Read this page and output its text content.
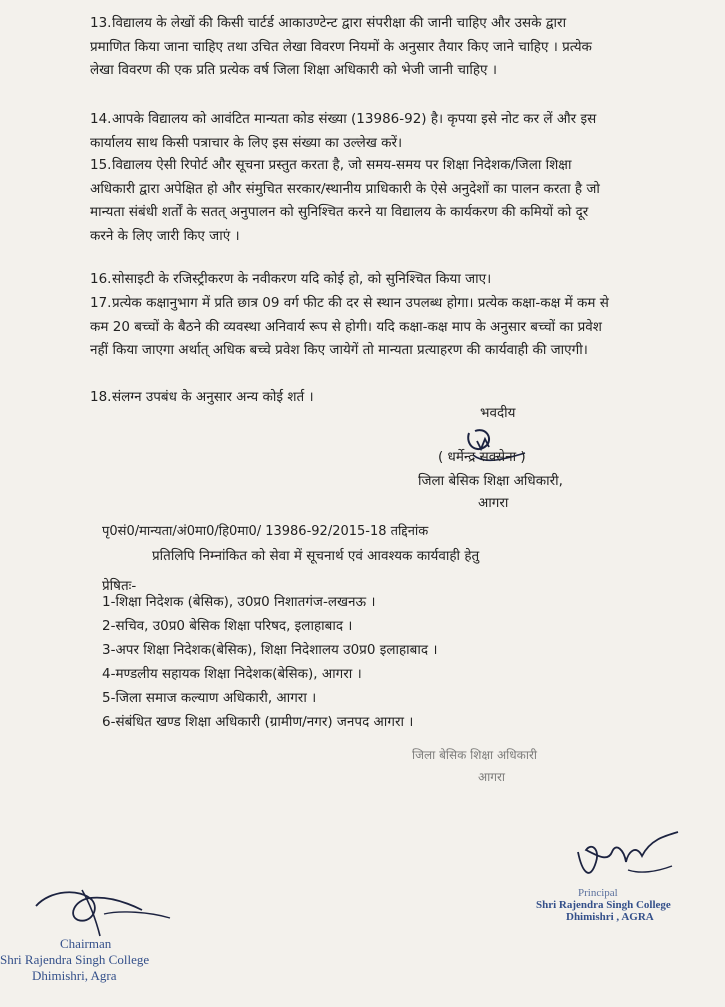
13.विद्यालय के लेखों की किसी चार्टर्ड आकाउण्टेन्ट द्वारा संपरीक्षा की जानी चाहिए और उसके द्वारा प्रमाणित किया जाना चाहिए तथा उचित लेखा विवरण नियमों के अनुसार तैयार किए जाने चाहिए । प्रत्येक लेखा विवरण की एक प्रति प्रत्येक वर्ष जिला शिक्षा अधिकारी को भेजी जानी चाहिए ।
14.आपके विद्यालय को आवंटित मान्यता कोड संख्या (13986-92) है। कृपया इसे नोट कर लें और इस कार्यालय साथ किसी पत्राचार के लिए इस संख्या का उल्लेख करें।
15.विद्यालय ऐसी रिपोर्ट और सूचना प्रस्तुत करता है, जो समय-समय पर शिक्षा निदेशक/जिला शिक्षा अधिकारी द्वारा अपेक्षित हो और संमुचित सरकार/स्थानीय प्राधिकारी के ऐसे अनुदेशों का पालन करता है जो मान्यता संबंधी शर्तों के सतत् अनुपालन को सुनिश्चित करने या विद्यालय के कार्यकरण की कमियों को दूर करने के लिए जारी किए जाएं ।
16.सोसाइटी के रजिस्ट्रीकरण के नवीकरण यदि कोई हो, को सुनिश्चित किया जाए।
17.प्रत्येक कक्षानुभाग में प्रति छात्र 09 वर्ग फीट की दर से स्थान उपलब्ध होगा। प्रत्येक कक्षा-कक्ष में कम से कम 20 बच्चों के बैठने की व्यवस्था अनिवार्य रूप से होगी। यदि कक्षा-कक्ष माप के अनुसार बच्चों का प्रवेश नहीं किया जाएगा अर्थात् अधिक बच्चे प्रवेश किए जायेगें तो मान्यता प्रत्याहरण की कार्यवाही की जाएगी।
18.संलग्न उपबंध के अनुसार अन्य कोई शर्त ।
भवदीय
( धर्मेन्द्र सक्सेना )
जिला बेसिक शिक्षा अधिकारी,
आगरा
पृ0सं0/मान्यता/अं0मा0/हि0मा0/ 13986-92/2015-18 तद्दिनांक
प्रतिलिपि निम्नांकित को सेवा में सूचनार्थ एवं आवश्यक कार्यवाही हेतु
प्रेषितः-
1-शिक्षा निदेशक (बेसिक), उ0प्र0 निशातगंज-लखनऊ ।
2-सचिव, उ0प्र0 बेसिक शिक्षा परिषद, इलाहाबाद ।
3-अपर शिक्षा निदेशक(बेसिक), शिक्षा निदेशालय उ0प्र0 इलाहाबाद ।
4-मण्डलीय सहायक शिक्षा निदेशक(बेसिक), आगरा ।
5-जिला समाज कल्याण अधिकारी, आगरा ।
6-संबंधित खण्ड शिक्षा अधिकारी (ग्रामीण/नगर) जनपद आगरा ।
जिला बेसिक शिक्षा अधिकारी
आगरा
Principal
Shri Rajendra Singh College
Dhimishri , AGRA
Chairman
Shri Rajendra Singh College
Dhimishri, Agra
